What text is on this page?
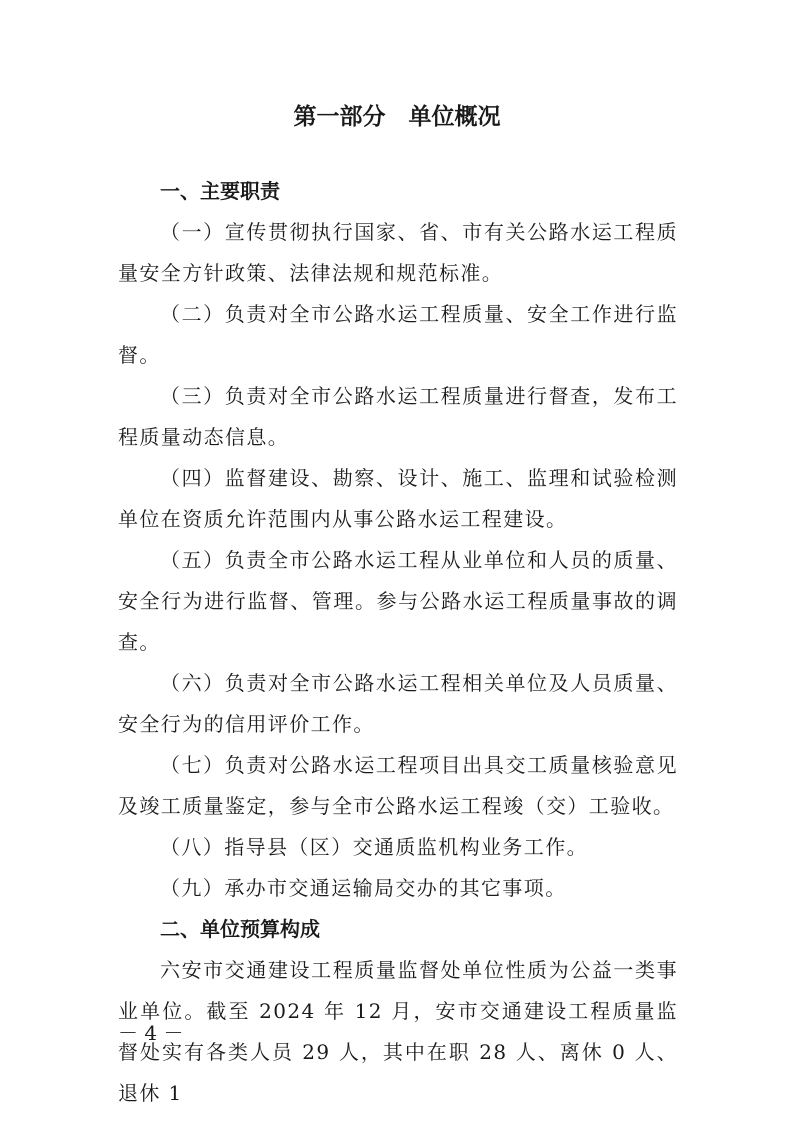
第一部分　单位概况

一、主要职责

（一）宣传贯彻执行国家、省、市有关公路水运工程质量安全方针政策、法律法规和规范标准。

（二）负责对全市公路水运工程质量、安全工作进行监督。

（三）负责对全市公路水运工程质量进行督查，发布工程质量动态信息。

（四）监督建设、勘察、设计、施工、监理和试验检测单位在资质允许范围内从事公路水运工程建设。

（五）负责全市公路水运工程从业单位和人员的质量、安全行为进行监督、管理。参与公路水运工程质量事故的调查。

（六）负责对全市公路水运工程相关单位及人员质量、安全行为的信用评价工作。

（七）负责对公路水运工程项目出具交工质量核验意见及竣工质量鉴定，参与全市公路水运工程竣（交）工验收。

（八）指导县（区）交通质监机构业务工作。

（九）承办市交通运输局交办的其它事项。

二、单位预算构成

六安市交通建设工程质量监督处单位性质为公益一类事业单位。截至 2024 年 12 月，安市交通建设工程质量监督处实有各类人员 29 人，其中在职 28 人、离休 0 人、退休 1

－ 4 －
